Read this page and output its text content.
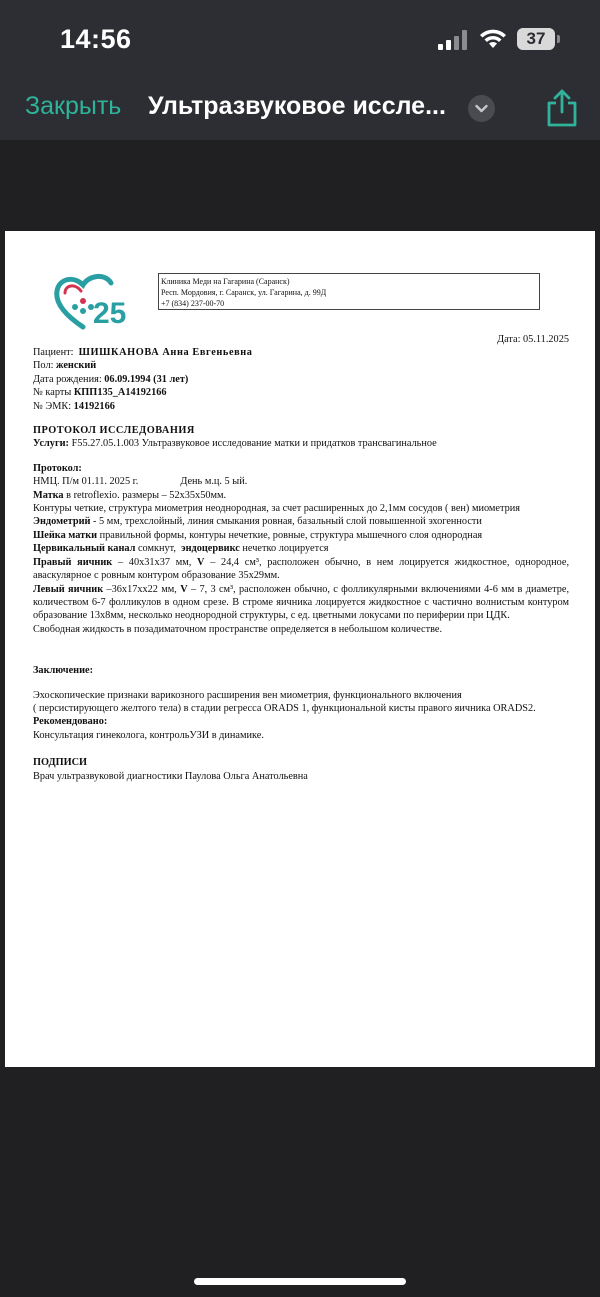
14:56	37
Закрыть Ультразвуковое иссле...
25
Клиника Меди на Гагарина (Саранск)
Респ. Мордовия, г. Саранск, ул. Гагарина, д. 99Д
+7 (834) 237-00-70
Дата: 05.11.2025

Пациент: ШИШКАНОВА Анна Евгеньевна

Пол: женский

Дата рождения: 06.09.1994 (31 лет)

№ карты КПП135_А14192166

№ ЭМК: 14192166

ПРОТОКОЛ ИССЛЕДОВАНИЯ

Услуги: F55.27.05.1.003 Ультразвуковое исследование матки и придатков трансвагинальное

Протокол:

НМЦ. П/м 01.11. 2025 г.	День м.ц. 5 ый.

Матка в retroflexio. размеры – 52х35х50мм.

Контуры четкие, структура миометрия неоднородная, за счет расширенных до 2,1мм сосудов ( вен) миометрия

Эндометрий - 5 мм, трехслойный, линия смыкания ровная, базальный слой повышенной эхогенности

Шейка матки правильной формы, контуры нечеткие, ровные, структура мышечного слоя однородная

Цервикальный канал сомкнут, эндоцервикс нечетко лоцируется

Правый яичник – 40х31х37 мм, V – 24,4 см³, расположен обычно, в нем лоцируется жидкостное, однородное, аваскулярное с ровным контуром образование 35х29мм.

Левый яичник –36х17хх22 мм, V – 7, 3 см³, расположен обычно, с фолликулярными включениями 4-6 мм в диаметре, количеством 6-7 фолликулов в одном срезе. В строме яичника лоцируется жидкостное с частично волнистым контуром образование 13х8мм, несколько неоднородной структуры, с ед. цветными локусами по периферии при ЦДК.

Свободная жидкость в позадиматочном пространстве определяется в небольшом количестве.

Заключение:

Эхоскопические признаки варикозного расширения вен миометрия, функционального включения

( персистирующего желтого тела) в стадии регресса ORADS 1, функциональной кисты правого яичника ORADS2.

Рекомендовано:

Консультация гинеколога, контрольУЗИ в динамике.

ПОДПИСИ

Врач ультразвуковой диагностики Паулова Ольга Анатольевна
